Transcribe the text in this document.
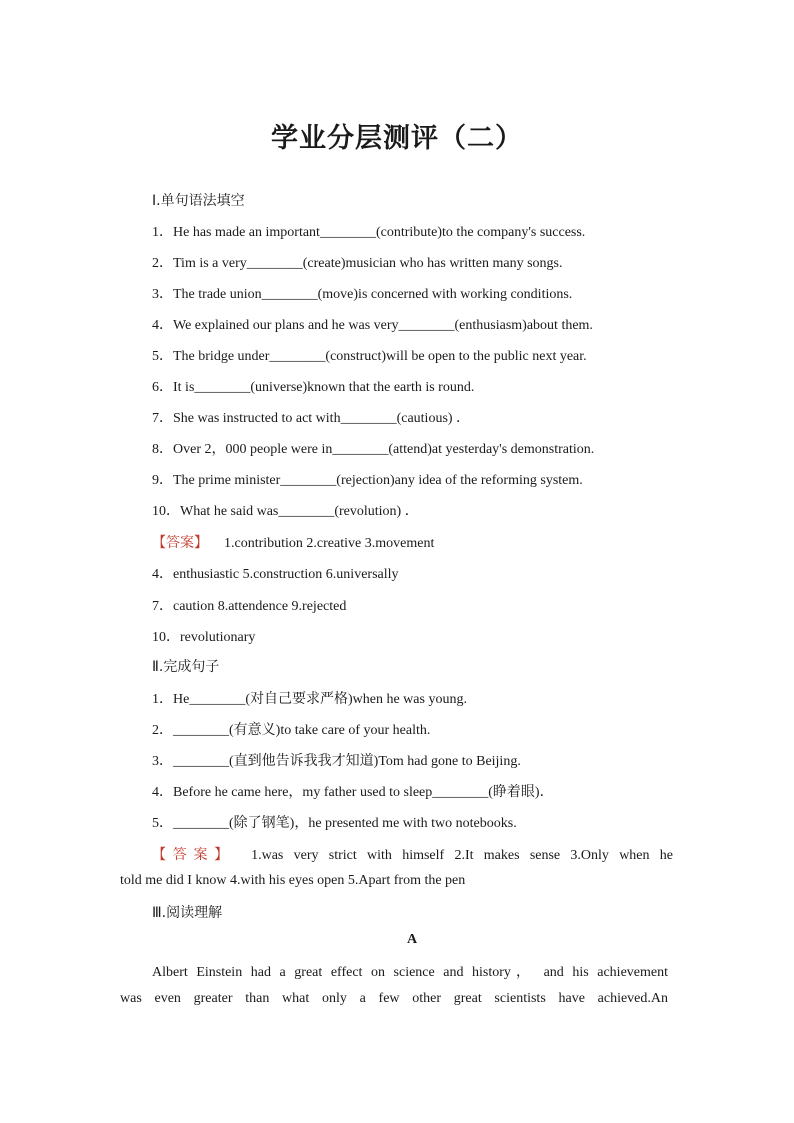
学业分层测评（二）
Ⅰ.单句语法填空
1．He has made an important________(contribute)to the company's success.
2．Tim is a very________(create)musician who has written many songs.
3．The trade union________(move)is concerned with working conditions.
4．We explained our plans and he was very________(enthusiasm)about them.
5．The bridge under________(construct)will be open to the public next year.
6．It is________(universe)known that the earth is round.
7．She was instructed to act with________(cautious) ．
8．Over 2，000 people were in________(attend)at yesterday's demonstration.
9．The prime minister________(rejection)any idea of the reforming system.
10．What he said was________(revolution) ．
【答案】 1.contribution 2.creative 3.movement
4．enthusiastic 5.construction 6.universally
7．caution 8.attendence 9.rejected
10．revolutionary
Ⅱ.完成句子
1．He________(对自己要求严格)when he was young.
2．________(有意义)to take care of your health.
3．________(直到他告诉我我才知道)Tom had gone to Beijing.
4．Before he came here，my father used to sleep________(睁着眼)．
5．________(除了钢笔)，he presented me with two notebooks.
【答案】 1.was very strict with himself 2.It makes sense 3.Only when he
told me did I know 4.with his eyes open 5.Apart from the pen
Ⅲ.阅读理解
A
Albert Einstein had a great effect on science and history， and his achievement
was even greater than what only a few other great scientists have achieved.An
